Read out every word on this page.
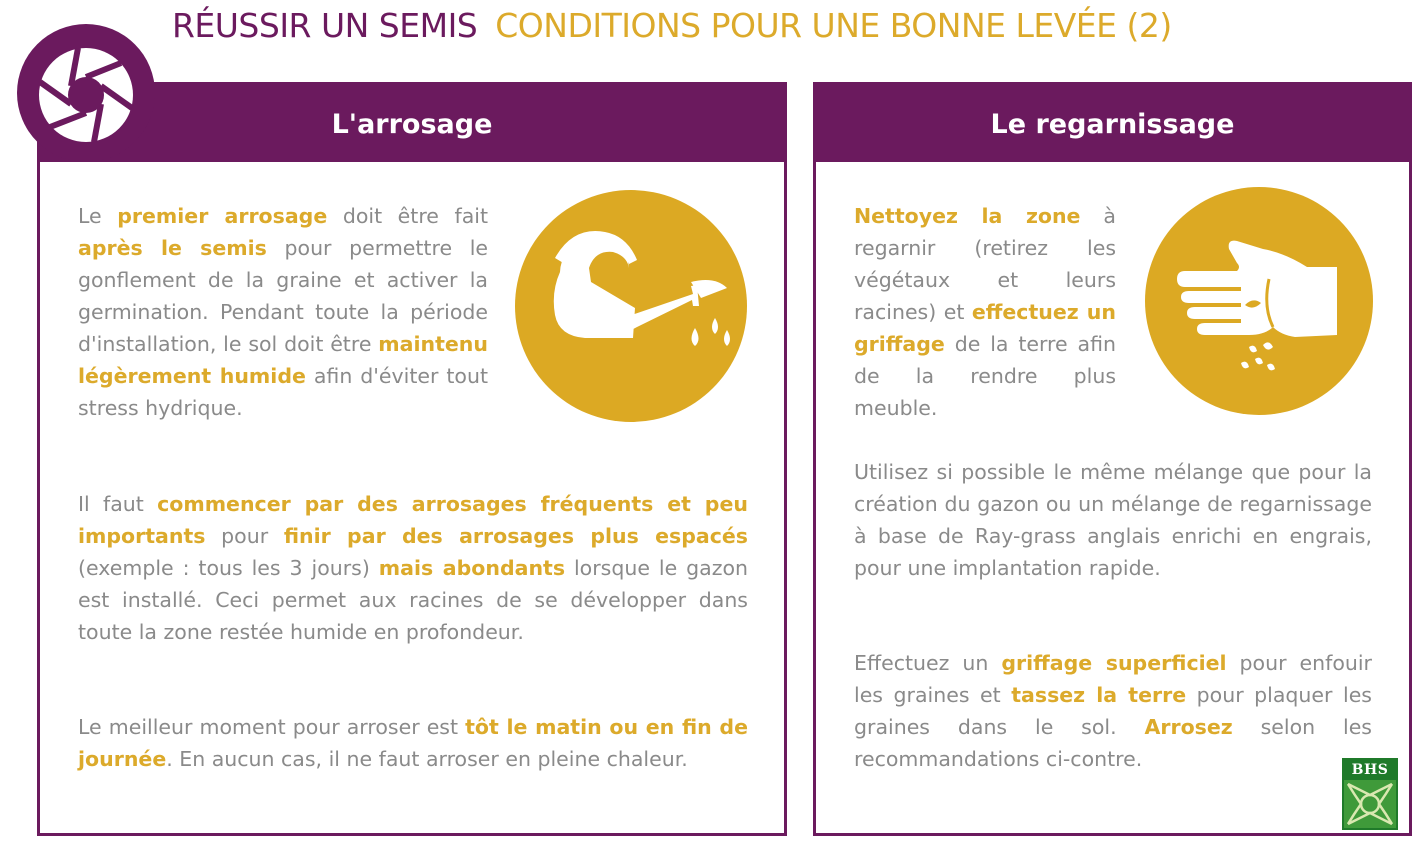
RÉUSSIR UN SEMIS CONDITIONS POUR UNE BONNE LEVÉE (2)
L'arrosage

Le premier arrosage doit être fait après le semis pour permettre le gonflement de la graine et activer la germination. Pendant toute la période d'installation, le sol doit être maintenu légèrement humide afin d'éviter tout stress hydrique.

Il faut commencer par des arrosages fréquents et peu importants pour finir par des arrosages plus espacés (exemple : tous les 3 jours) mais abondants lorsque le gazon est installé. Ceci permet aux racines de se développer dans toute la zone restée humide en profondeur.

Le meilleur moment pour arroser est tôt le matin ou en fin de journée. En aucun cas, il ne faut arroser en pleine chaleur.

Le regarnissage

Nettoyez la zone à regarnir (retirez les végétaux et leurs racines) et effectuez un griffage de la terre afin de la rendre plus meuble.

Utilisez si possible le même mélange que pour la création du gazon ou un mélange de regarnissage à base de Ray-grass anglais enrichi en engrais, pour une implantation rapide.

Effectuez un griffage superficiel pour enfouir les graines et tassez la terre pour plaquer les graines dans le sol. Arrosez selon les recommandations ci-contre.	BHS
